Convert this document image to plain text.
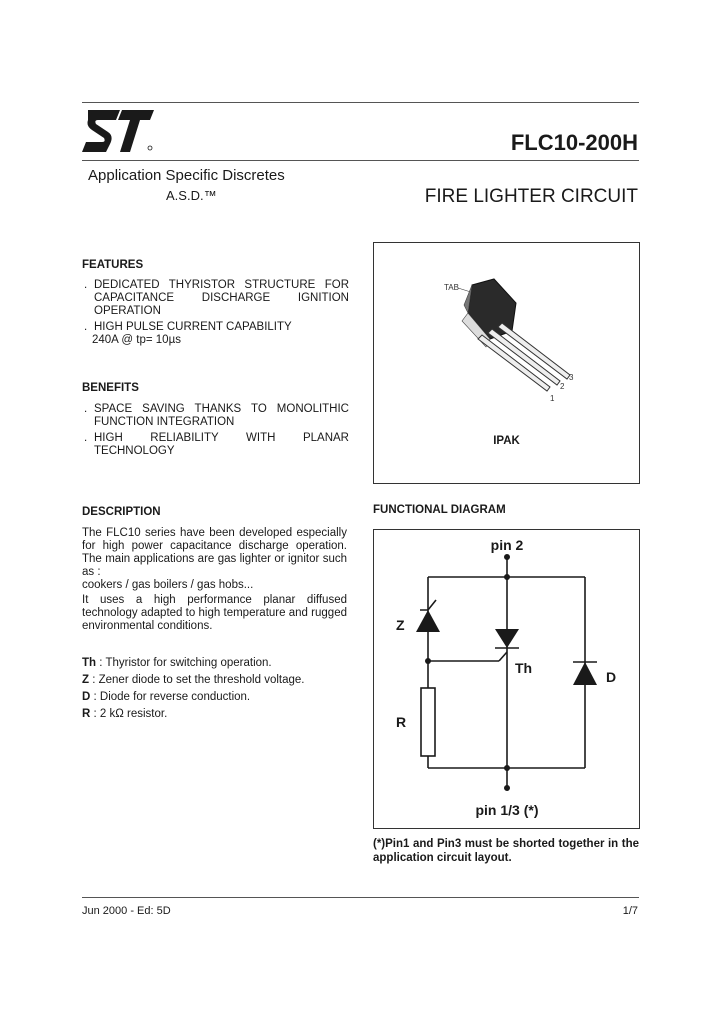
FLC10-200H
Application Specific Discretes
A.S.D.™	FIRE LIGHTER CIRCUIT
FEATURES
. DEDICATED THYRISTOR STRUCTURE FOR CAPACITANCE DISCHARGE IGNITION OPERATION
. HIGH PULSE CURRENT CAPABILITY
240A @ tp= 10µs
BENEFITS
. SPACE SAVING THANKS TO MONOLITHIC FUNCTION INTEGRATION
. HIGH RELIABILITY WITH PLANAR TECHNOLOGY
DESCRIPTION

The FLC10 series have been developed especially for high power capacitance discharge operation. The main applications are gas lighter or ignitor such as :

cookers / gas boilers / gas hobs...

It uses a high performance planar diffused technology adapted to high temperature and rugged environmental conditions.

Th : Thyristor for switching operation.
Z : Zener diode to set the threshold voltage.
D : Diode for reverse conduction.
R : 2 kΩ resistor.
TAB
1
2
3
IPAK
FUNCTIONAL DIAGRAM
pin 2
pin 1/3 (*)
Z
Th
D
R
(*)Pin1 and Pin3 must be shorted together in the application circuit layout.
Jun 2000 - Ed: 5D	1/7
